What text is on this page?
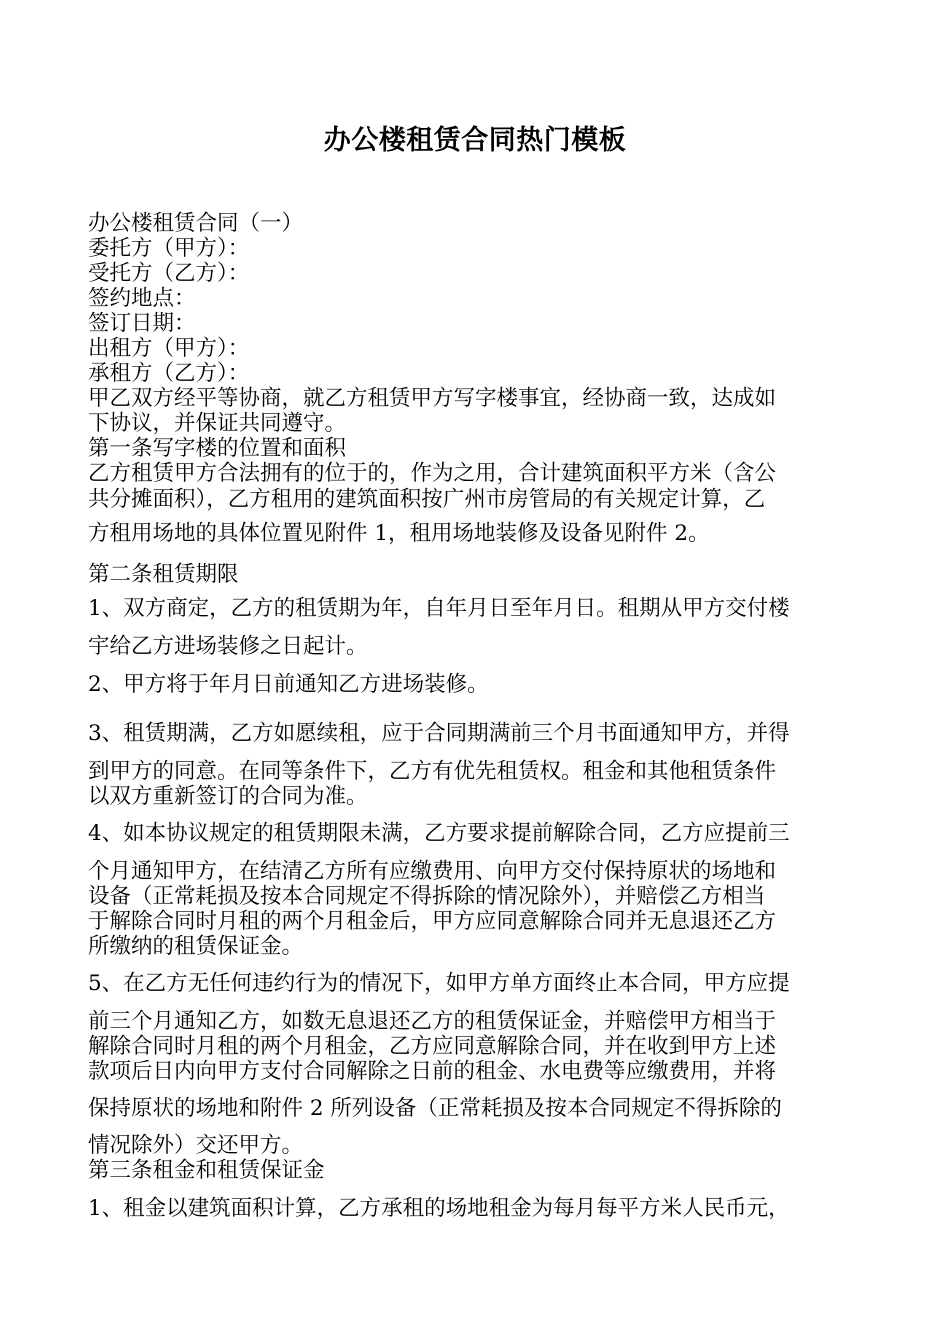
办公楼租赁合同热门模板
办公楼租赁合同（一）
委托方（甲方）：
受托方（乙方）：
签约地点：
签订日期：
出租方（甲方）：
承租方（乙方）：
甲乙双方经平等协商，就乙方租赁甲方写字楼事宜，经协商一致，达成如
下协议，并保证共同遵守。
第一条写字楼的位置和面积
乙方租赁甲方合法拥有的位于的，作为之用，合计建筑面积平方米（含公
共分摊面积），乙方租用的建筑面积按广州市房管局的有关规定计算，乙
方租用场地的具体位置见附件 1，租用场地装修及设备见附件 2。
第二条租赁期限
1、双方商定，乙方的租赁期为年，自年月日至年月日。租期从甲方交付楼
宇给乙方进场装修之日起计。
2、甲方将于年月日前通知乙方进场装修。
3、租赁期满，乙方如愿续租，应于合同期满前三个月书面通知甲方，并得
到甲方的同意。在同等条件下，乙方有优先租赁权。租金和其他租赁条件
以双方重新签订的合同为准。
4、如本协议规定的租赁期限未满，乙方要求提前解除合同，乙方应提前三
个月通知甲方，在结清乙方所有应缴费用、向甲方交付保持原状的场地和
设备（正常耗损及按本合同规定不得拆除的情况除外），并赔偿乙方相当
于解除合同时月租的两个月租金后，甲方应同意解除合同并无息退还乙方
所缴纳的租赁保证金。
5、在乙方无任何违约行为的情况下，如甲方单方面终止本合同，甲方应提
前三个月通知乙方，如数无息退还乙方的租赁保证金，并赔偿甲方相当于
解除合同时月租的两个月租金，乙方应同意解除合同，并在收到甲方上述
款项后日内向甲方支付合同解除之日前的租金、水电费等应缴费用，并将
保持原状的场地和附件 2 所列设备（正常耗损及按本合同规定不得拆除的
情况除外）交还甲方。
第三条租金和租赁保证金
1、租金以建筑面积计算，乙方承租的场地租金为每月每平方米人民币元，
